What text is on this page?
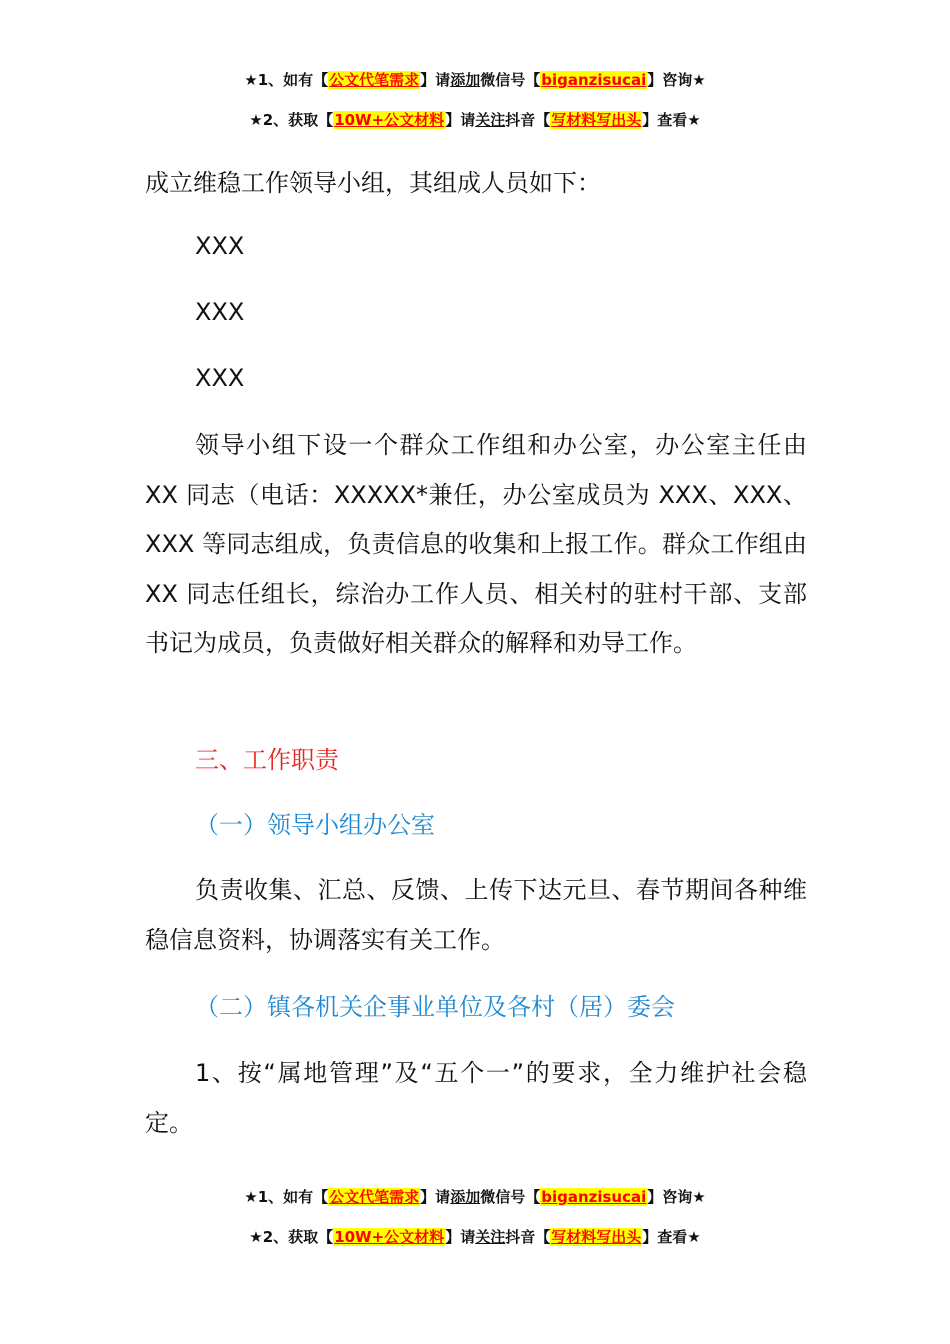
★1、如有【公文代笔需求】请添加微信号【biganzisucai】咨询★
★2、获取【10W+公文材料】请关注抖音【写材料写出头】查看★
成立维稳工作领导小组，其组成人员如下：
XXX
XXX
XXX
领导小组下设一个群众工作组和办公室，办公室主任由 XX 同志（电话：XXXXX*兼任，办公室成员为 XXX、XXX、XXX 等同志组成，负责信息的收集和上报工作。群众工作组由 XX 同志任组长，综治办工作人员、相关村的驻村干部、支部书记为成员，负责做好相关群众的解释和劝导工作。
三、工作职责
（一）领导小组办公室
负责收集、汇总、反馈、上传下达元旦、春节期间各种维稳信息资料，协调落实有关工作。
（二）镇各机关企事业单位及各村（居）委会
1、按“属地管理”及“五个一”的要求，全力维护社会稳定。
★1、如有【公文代笔需求】请添加微信号【biganzisucai】咨询★
★2、获取【10W+公文材料】请关注抖音【写材料写出头】查看★
